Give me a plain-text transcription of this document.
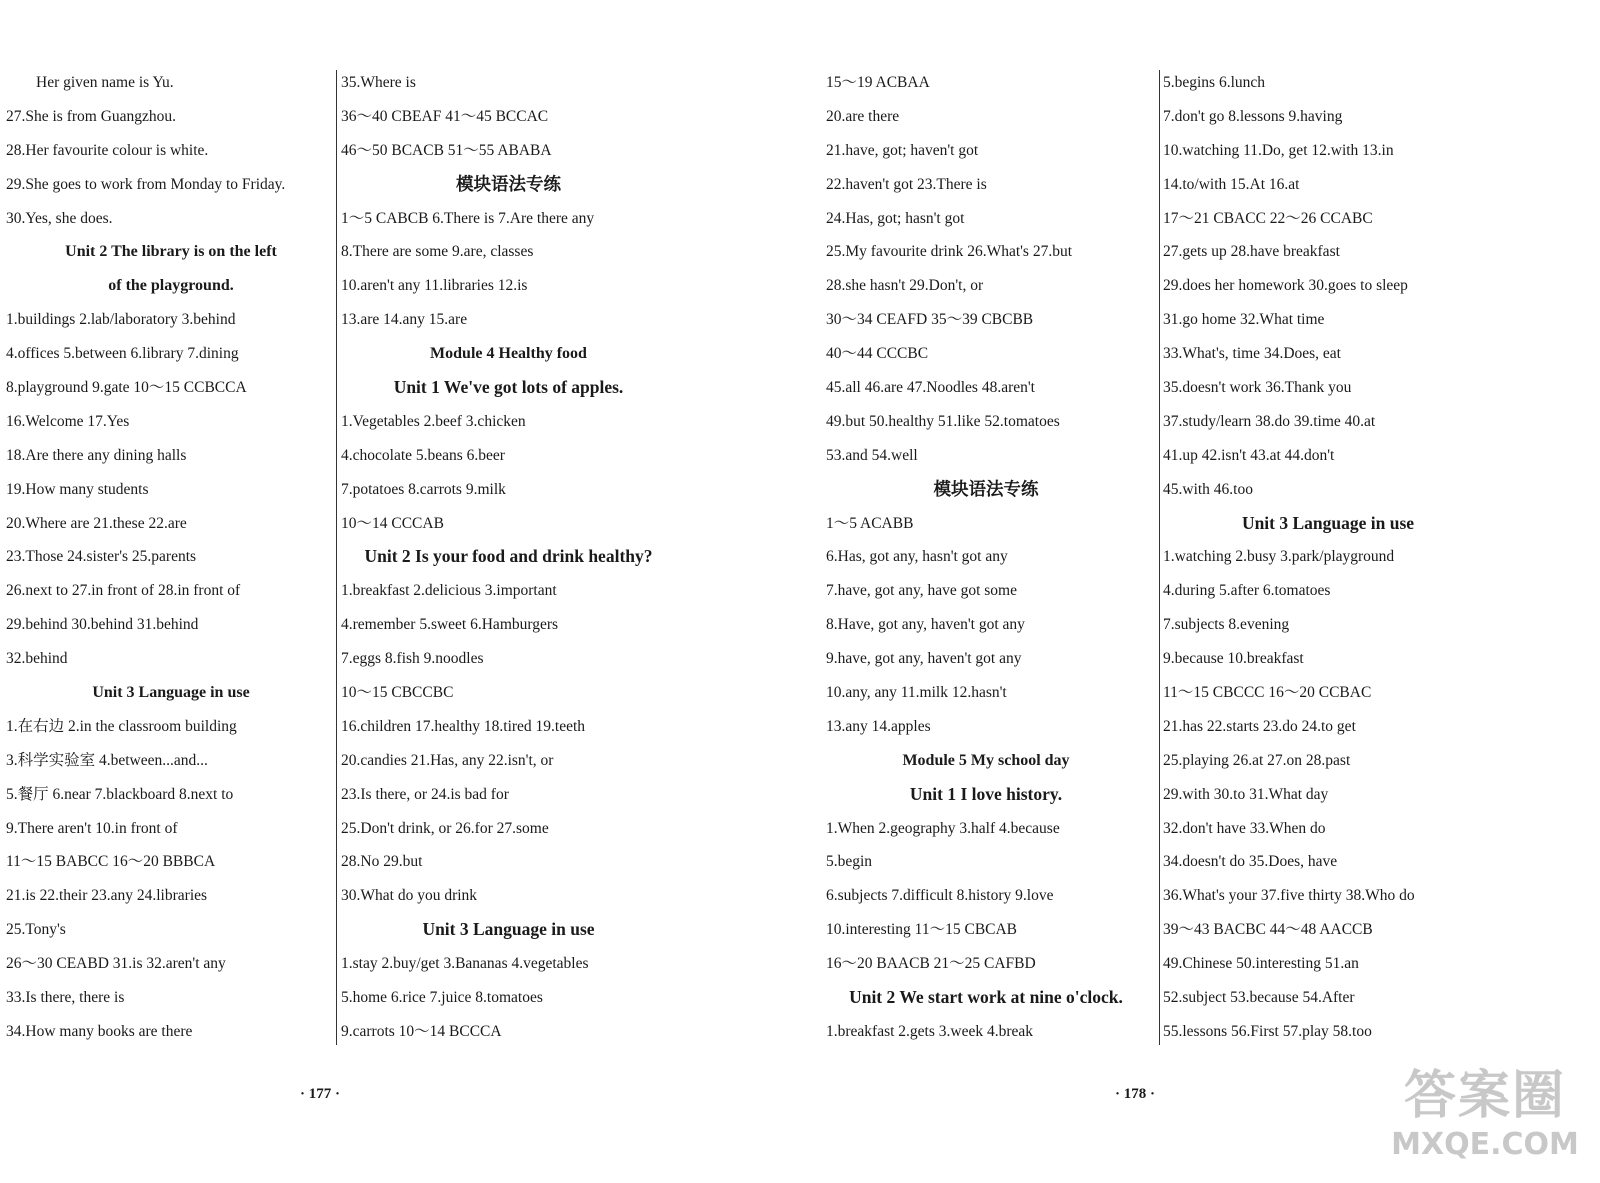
Her given name is Yu.
27.She is from Guangzhou.
28.Her favourite colour is white.
29.She goes to work from Monday to Friday.
30.Yes, she does.
Unit 2 The library is on the left
of the playground.
1.buildings 2.lab/laboratory 3.behind
4.offices 5.between 6.library 7.dining
8.playground 9.gate 10～15 CCBCCA
16.Welcome 17.Yes
18.Are there any dining halls
19.How many students
20.Where are 21.these 22.are
23.Those 24.sister's 25.parents
26.next to 27.in front of 28.in front of
29.behind 30.behind 31.behind
32.behind
Unit 3 Language in use
1.在右边 2.in the classroom building
3.科学实验室 4.between...and...
5.餐厅 6.near 7.blackboard 8.next to
9.There aren't 10.in front of
11～15 BABCC 16～20 BBBCA
21.is 22.their 23.any 24.libraries
25.Tony's
26～30 CEABD 31.is 32.aren't any
33.Is there, there is
34.How many books are there
35.Where is
36～40 CBEAF 41～45 BCCAC
46～50 BCACB 51～55 ABABA
模块语法专练
1～5 CABCB 6.There is 7.Are there any
8.There are some 9.are, classes
10.aren't any 11.libraries 12.is
13.are 14.any 15.are
Module 4 Healthy food
Unit 1 We've got lots of apples.
1.Vegetables 2.beef 3.chicken
4.chocolate 5.beans 6.beer
7.potatoes 8.carrots 9.milk
10～14 CCCAB
Unit 2 Is your food and drink healthy?
1.breakfast 2.delicious 3.important
4.remember 5.sweet 6.Hamburgers
7.eggs 8.fish 9.noodles
10～15 CBCCBC
16.children 17.healthy 18.tired 19.teeth
20.candies 21.Has, any 22.isn't, or
23.Is there, or 24.is bad for
25.Don't drink, or 26.for 27.some
28.No 29.but
30.What do you drink
Unit 3 Language in use
1.stay 2.buy/get 3.Bananas 4.vegetables
5.home 6.rice 7.juice 8.tomatoes
9.carrots 10～14 BCCCA
15～19 ACBAA
20.are there
21.have, got; haven't got
22.haven't got 23.There is
24.Has, got; hasn't got
25.My favourite drink 26.What's 27.but
28.she hasn't 29.Don't, or
30～34 CEAFD 35～39 CBCBB
40～44 CCCBC
45.all 46.are 47.Noodles 48.aren't
49.but 50.healthy 51.like 52.tomatoes
53.and 54.well
模块语法专练
1～5 ACABB
6.Has, got any, hasn't got any
7.have, got any, have got some
8.Have, got any, haven't got any
9.have, got any, haven't got any
10.any, any 11.milk 12.hasn't
13.any 14.apples
Module 5 My school day
Unit 1 I love history.
1.When 2.geography 3.half 4.because
5.begin
6.subjects 7.difficult 8.history 9.love
10.interesting 11～15 CBCAB
16～20 BAACB 21～25 CAFBD
Unit 2 We start work at nine o'clock.
1.breakfast 2.gets 3.week 4.break
5.begins 6.lunch
7.don't go 8.lessons 9.having
10.watching 11.Do, get 12.with 13.in
14.to/with 15.At 16.at
17～21 CBACC 22～26 CCABC
27.gets up 28.have breakfast
29.does her homework 30.goes to sleep
31.go home 32.What time
33.What's, time 34.Does, eat
35.doesn't work 36.Thank you
37.study/learn 38.do 39.time 40.at
41.up 42.isn't 43.at 44.don't
45.with 46.too
Unit 3 Language in use
1.watching 2.busy 3.park/playground
4.during 5.after 6.tomatoes
7.subjects 8.evening
9.because 10.breakfast
11～15 CBCCC 16～20 CCBAC
21.has 22.starts 23.do 24.to get
25.playing 26.at 27.on 28.past
29.with 30.to 31.What day
32.don't have 33.When do
34.doesn't do 35.Does, have
36.What's your 37.five thirty 38.Who do
39～43 BACBC 44～48 AACCB
49.Chinese 50.interesting 51.an
52.subject 53.because 54.After
55.lessons 56.First 57.play 58.too
· 177 ·	· 178 ·	答案圈
MXQE.COM
